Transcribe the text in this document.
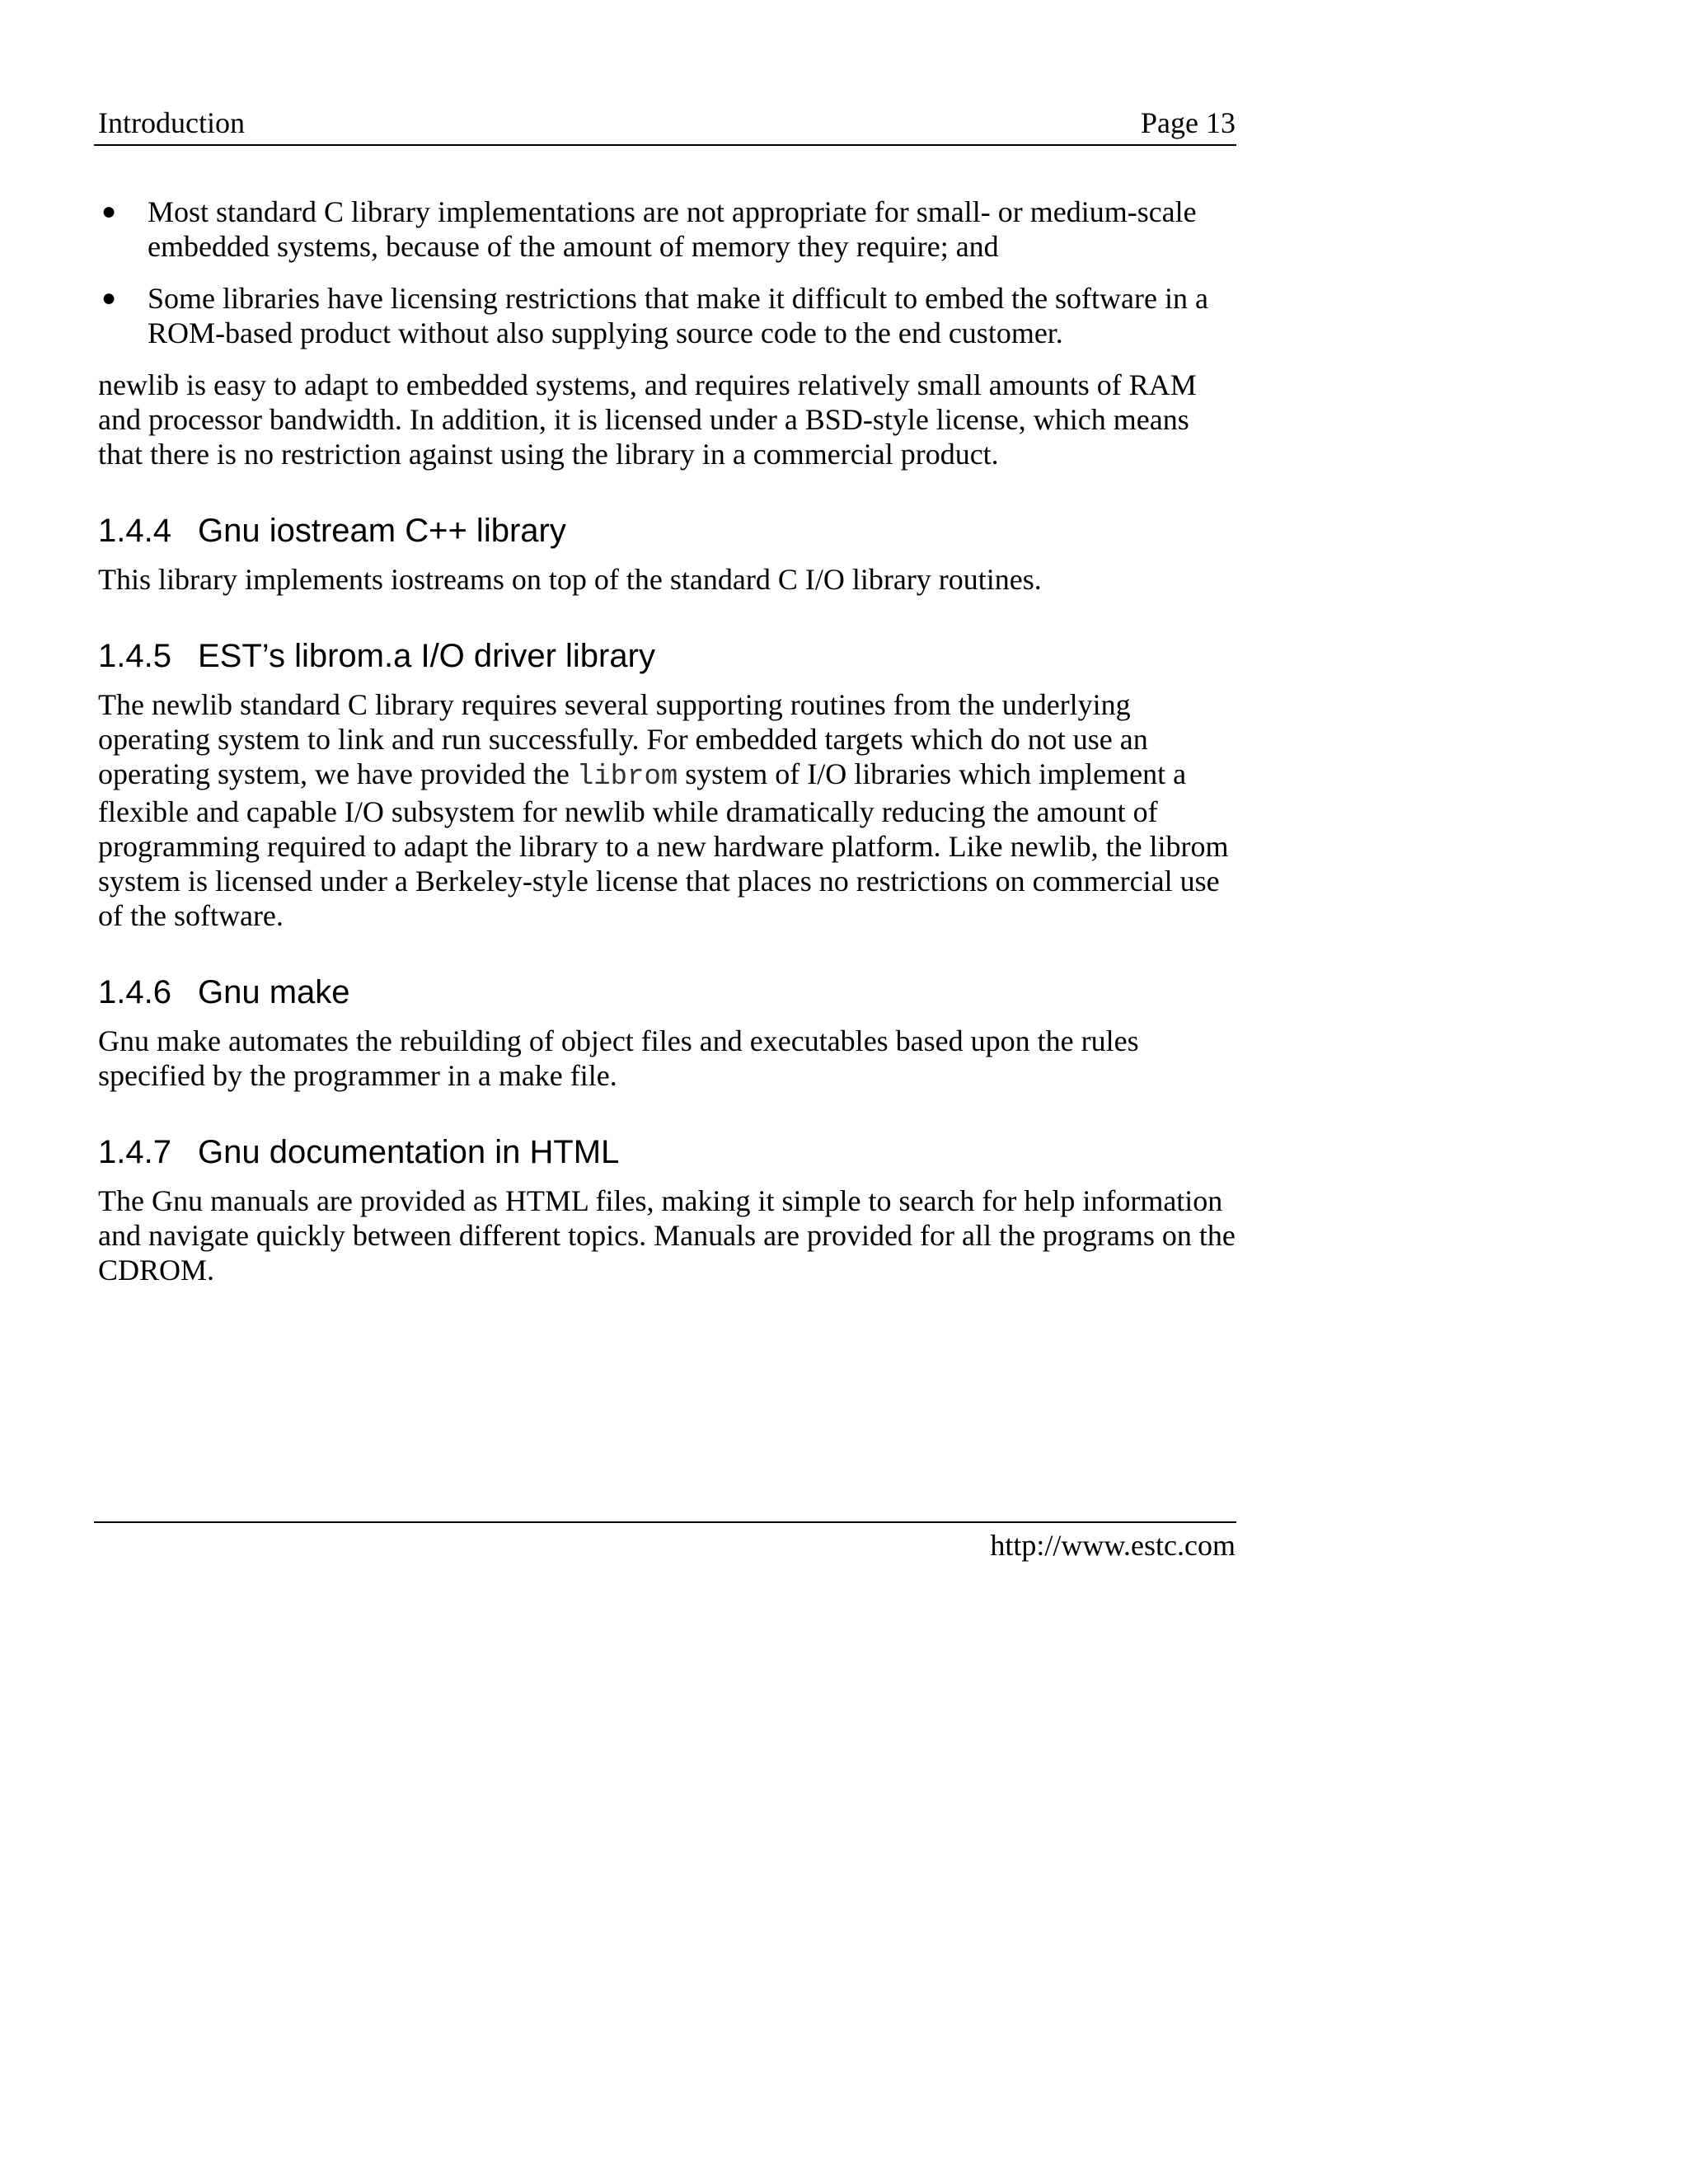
Introduction	Page 13
● Most standard C library implementations are not appropriate for small- or medium-scale embedded systems, because of the amount of memory they require; and
● Some libraries have licensing restrictions that make it difficult to embed the software in a ROM-based product without also supplying source code to the end customer.

newlib is easy to adapt to embedded systems, and requires relatively small amounts of RAM and processor bandwidth. In addition, it is licensed under a BSD-style license, which means that there is no restriction against using the library in a commercial product.

1.4.4 Gnu iostream C++ library

This library implements iostreams on top of the standard C I/O library routines.

1.4.5 EST’s librom.a I/O driver library

The newlib standard C library requires several supporting routines from the underlying operating system to link and run successfully. For embedded targets which do not use an operating system, we have provided the librom system of I/O libraries which implement a flexible and capable I/O subsystem for newlib while dramatically reducing the amount of programming required to adapt the library to a new hardware platform. Like newlib, the librom system is licensed under a Berkeley-style license that places no restrictions on commercial use of the software.

1.4.6 Gnu make

Gnu make automates the rebuilding of object files and executables based upon the rules specified by the programmer in a make file.

1.4.7 Gnu documentation in HTML

The Gnu manuals are provided as HTML files, making it simple to search for help information and navigate quickly between different topics. Manuals are provided for all the programs on the CDROM.

http://www.estc.com
